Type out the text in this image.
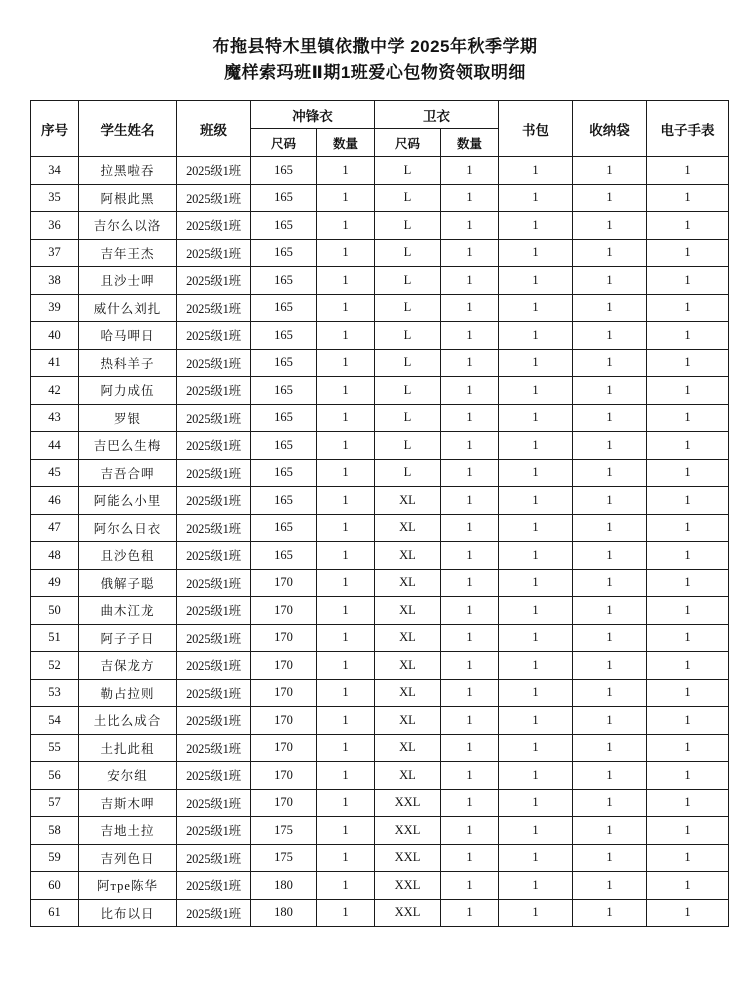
布拖县特木里镇依撒中学 2025年秋季学期
魔样索玛班Ⅱ期1班爱心包物资领取明细
序号	学生姓名	班级	冲锋衣		卫衣		书包	收纳袋	电子手表
			尺码	数量	尺码	数量			
34	拉黑啦吞	2025级1班	165	1	L	1	1	1	1
35	阿根此黑	2025级1班	165	1	L	1	1	1	1
36	吉尔么以洛	2025级1班	165	1	L	1	1	1	1
37	吉年王杰	2025级1班	165	1	L	1	1	1	1
38	且沙士呷	2025级1班	165	1	L	1	1	1	1
39	威什么刘扎	2025级1班	165	1	L	1	1	1	1
40	哈马呷日	2025级1班	165	1	L	1	1	1	1
41	热科羊子	2025级1班	165	1	L	1	1	1	1
42	阿力成伍	2025级1班	165	1	L	1	1	1	1
43	罗银	2025级1班	165	1	L	1	1	1	1
44	吉巴么生梅	2025级1班	165	1	L	1	1	1	1
45	吉吾合呷	2025级1班	165	1	L	1	1	1	1
46	阿能么小里	2025级1班	165	1	XL	1	1	1	1
47	阿尔么日衣	2025级1班	165	1	XL	1	1	1	1
48	且沙色租	2025级1班	165	1	XL	1	1	1	1
49	俄解子聪	2025级1班	170	1	XL	1	1	1	1
50	曲木江龙	2025级1班	170	1	XL	1	1	1	1
51	阿子子日	2025级1班	170	1	XL	1	1	1	1
52	吉保龙方	2025级1班	170	1	XL	1	1	1	1
53	勒占拉则	2025级1班	170	1	XL	1	1	1	1
54	土比么成合	2025级1班	170	1	XL	1	1	1	1
55	土扎此租	2025级1班	170	1	XL	1	1	1	1
56	安尔组	2025级1班	170	1	XL	1	1	1	1
57	吉斯木呷	2025级1班	170	1	XXL	1	1	1	1
58	吉地土拉	2025级1班	175	1	XXL	1	1	1	1
59	吉列色日	2025级1班	175	1	XXL	1	1	1	1
60	阿тре陈华	2025级1班	180	1	XXL	1	1	1	1
61	比布以日	2025级1班	180	1	XXL	1	1	1	1
